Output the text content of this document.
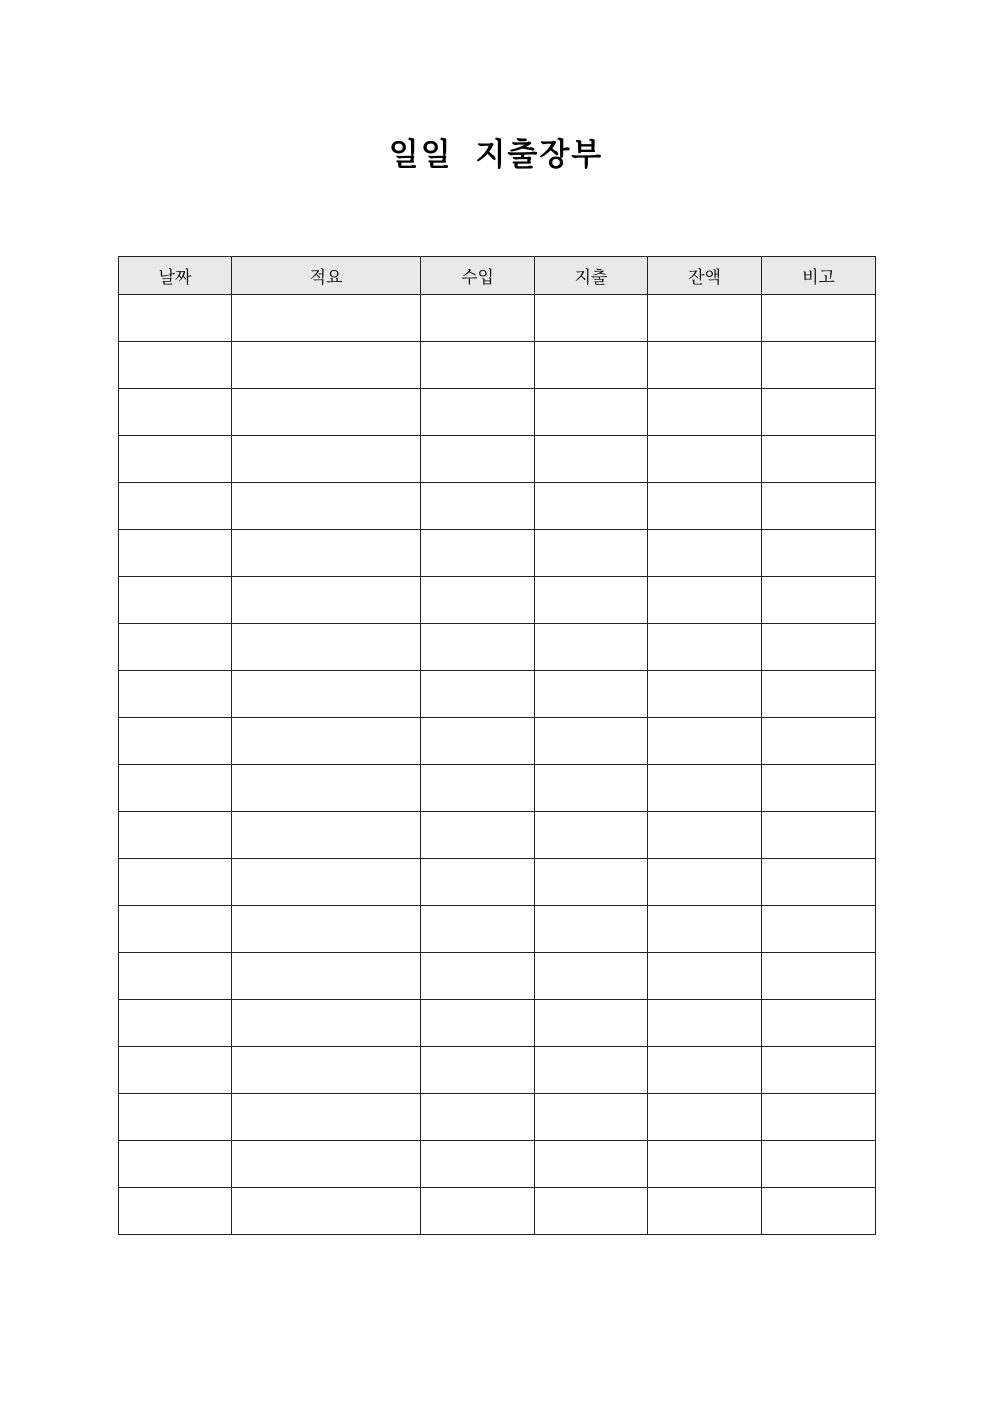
일일 지출장부
날짜	적요	수입	지출	잔액	비고
